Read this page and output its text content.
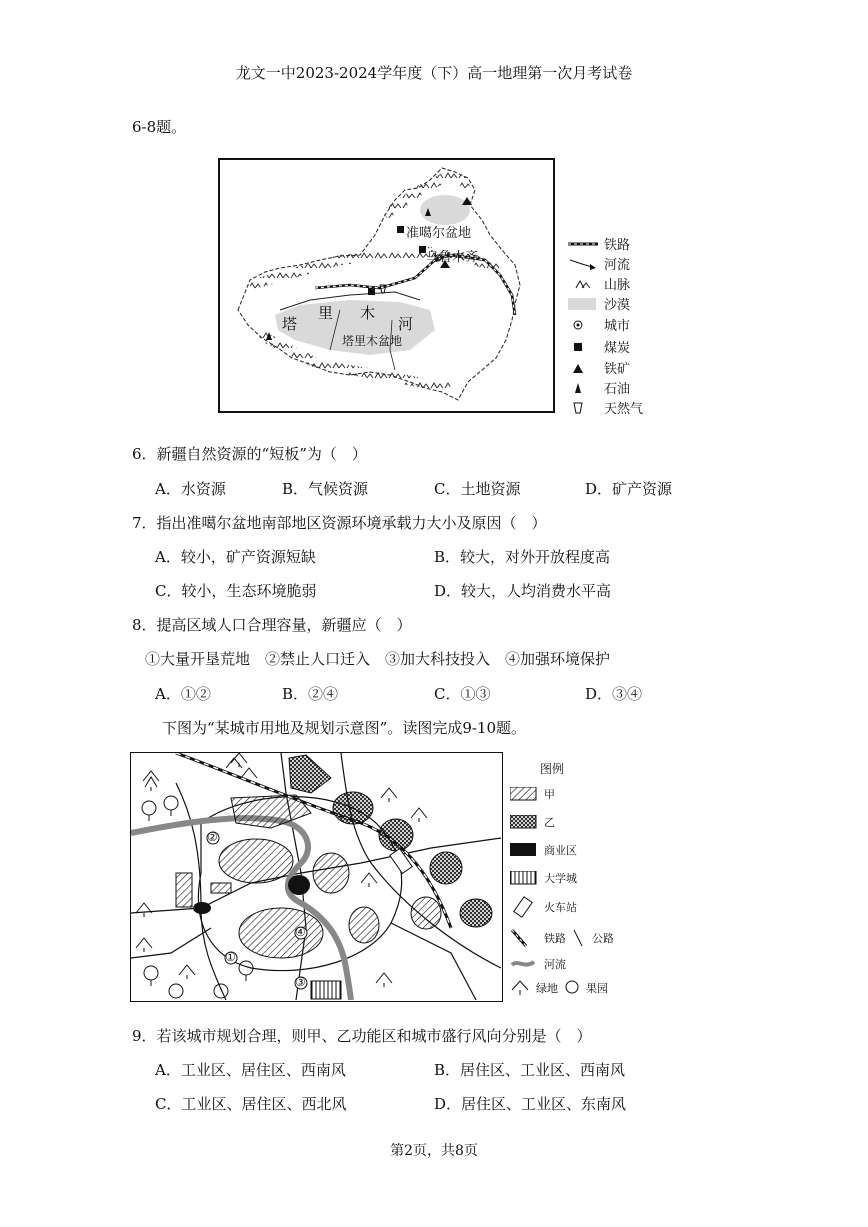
龙文一中2023-2024学年度（下）高一地理第一次月考试卷
6-8题。
准噶尔盆地
乌鲁木齐
塔
里 木
河
塔里木盆地
铁路
河流
山脉
沙漠
城市
煤炭
铁矿
石油
天然气
6．新疆自然资源的“短板”为（　）
A．水资源	B．气候资源	C．土地资源	D．矿产资源
7．指出准噶尔盆地南部地区资源环境承载力大小及原因（　）
A．较小，矿产资源短缺	B．较大，对外开放程度高
C．较小，生态环境脆弱	D．较大，人均消费水平高
8．提高区域人口合理容量，新疆应（　）
①大量开垦荒地　②禁止人口迁入　③加大科技投入　④加强环境保护
A．①②	B．②④	C．①③	D．③④
下图为“某城市用地及规划示意图”。读图完成9-10题。
②
①
③
④
图例
甲
乙
商业区
大学城
火车站
铁路 公路
河流
绿地	果园
9．若该城市规划合理，则甲、乙功能区和城市盛行风向分别是（　）
A．工业区、居住区、西南风	B．居住区、工业区、西南风
C．工业区、居住区、西北风	D．居住区、工业区、东南风
第2页，共8页
